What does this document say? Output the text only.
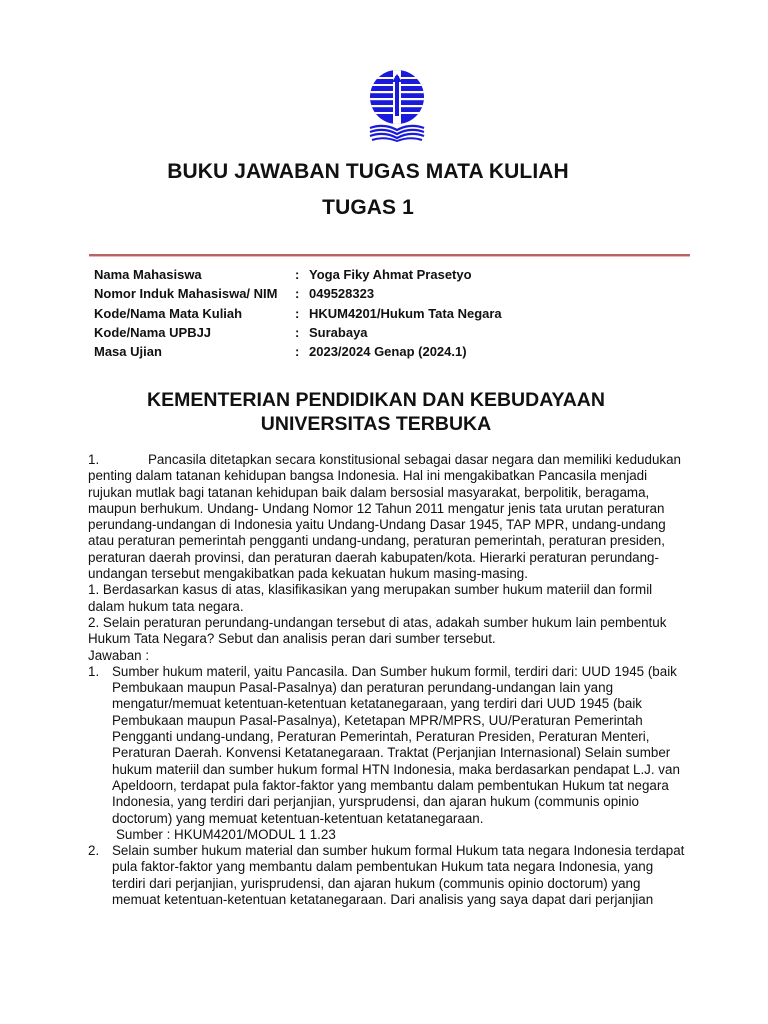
BUKU JAWABAN TUGAS MATA KULIAH
TUGAS 1
Nama Mahasiswa	: Yoga Fiky Ahmat Prasetyo
Nomor Induk Mahasiswa/ NIM	: 049528323
Kode/Nama Mata Kuliah	: HKUM4201/Hukum Tata Negara
Kode/Nama UPBJJ	: Surabaya
Masa Ujian	: 2023/2024 Genap (2024.1)
KEMENTERIAN PENDIDIKAN DAN KEBUDAYAAN
UNIVERSITAS TERBUKA

1.	Pancasila ditetapkan secara konstitusional sebagai dasar negara dan memiliki kedudukan penting dalam tatanan kehidupan bangsa Indonesia. Hal ini mengakibatkan Pancasila menjadi rujukan mutlak bagi tatanan kehidupan baik dalam bersosial masyarakat, berpolitik, beragama, maupun berhukum. Undang- Undang Nomor 12 Tahun 2011 mengatur jenis tata urutan peraturan perundang-undangan di Indonesia yaitu Undang-Undang Dasar 1945, TAP MPR, undang-undang atau peraturan pemerintah pengganti undang-undang, peraturan pemerintah, peraturan presiden, peraturan daerah provinsi, dan peraturan daerah kabupaten/kota. Hierarki peraturan perundang-undangan tersebut mengakibatkan pada kekuatan hukum masing-masing.

1. Berdasarkan kasus di atas, klasifikasikan yang merupakan sumber hukum materiil dan formil dalam hukum tata negara.

2. Selain peraturan perundang-undangan tersebut di atas, adakah sumber hukum lain pembentuk Hukum Tata Negara? Sebut dan analisis peran dari sumber tersebut.

Jawaban :

1. Sumber hukum materil, yaitu Pancasila. Dan Sumber hukum formil, terdiri dari: UUD 1945 (baik Pembukaan maupun Pasal-Pasalnya) dan peraturan perundang-undangan lain yang mengatur/memuat ketentuan-ketentuan ketatanegaraan, yang terdiri dari UUD 1945 (baik Pembukaan maupun Pasal-Pasalnya), Ketetapan MPR/MPRS, UU/Peraturan Pemerintah Pengganti undang-undang, Peraturan Pemerintah, Peraturan Presiden, Peraturan Menteri, Peraturan Daerah. Konvensi Ketatanegaraan. Traktat (Perjanjian Internasional) Selain sumber hukum materiil dan sumber hukum formal HTN Indonesia, maka berdasarkan pendapat L.J. van Apeldoorn, terdapat pula faktor-faktor yang membantu dalam pembentukan Hukum tat negara Indonesia, yang terdiri dari perjanjian, yursprudensi, dan ajaran hukum (communis opinio doctorum) yang memuat ketentuan-ketentuan ketatanegaraan.

Sumber : HKUM4201/MODUL 1 1.23

2. Selain sumber hukum material dan sumber hukum formal Hukum tata negara Indonesia terdapat pula faktor-faktor yang membantu dalam pembentukan Hukum tata negara Indonesia, yang terdiri dari perjanjian, yurisprudensi, dan ajaran hukum (communis opinio doctorum) yang memuat ketentuan-ketentuan ketatanegaraan. Dari analisis yang saya dapat dari perjanjian
